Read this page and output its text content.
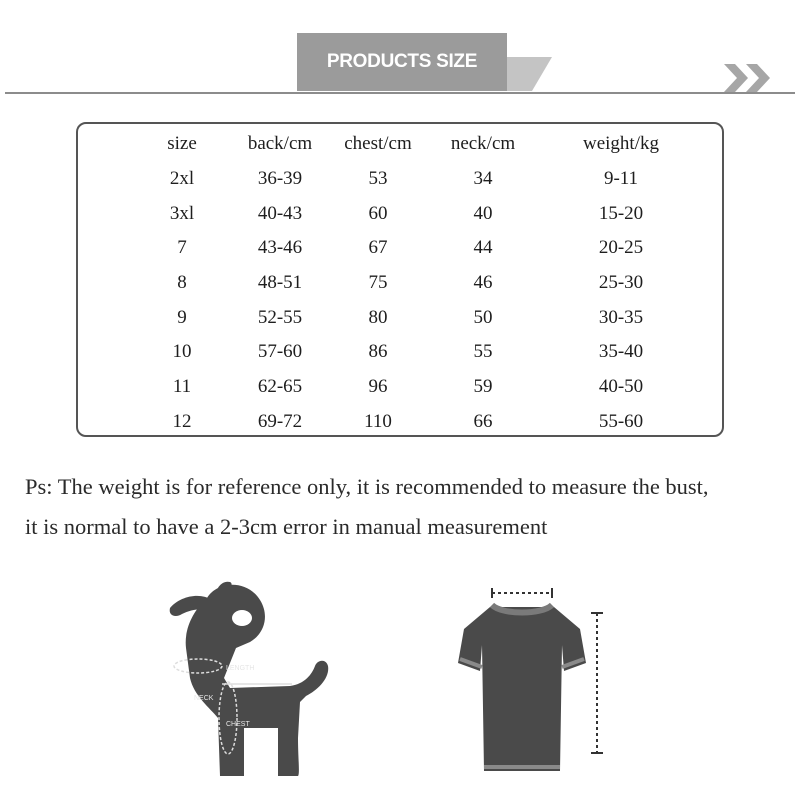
PRODUCTS SIZE
size	back/cm	chest/cm	neck/cm	weight/kg
2xl	36-39	53	34	9-11
3xl	40-43	60	40	15-20
7	43-46	67	44	20-25
8	48-51	75	46	25-30
9	52-55	80	50	30-35
10	57-60	86	55	35-40
11	62-65	96	59	40-50
12	69-72	110	66	55-60
Ps: The weight is for reference only, it is recommended to measure the bust,
it is normal to have a 2-3cm error in manual measurement
LENGTH
NECK
CHEST
